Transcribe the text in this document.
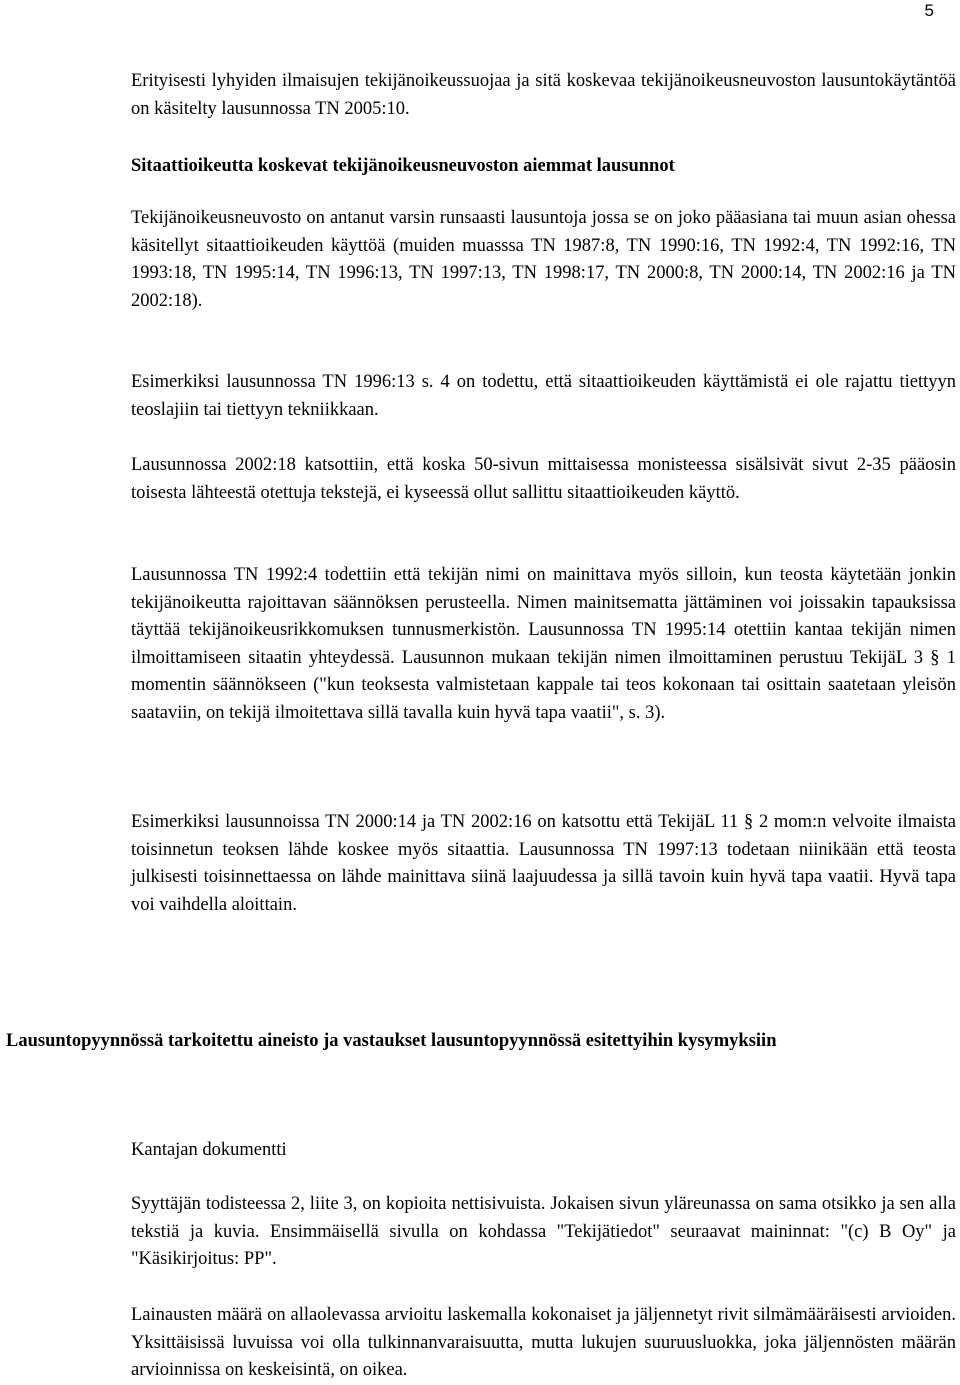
5

Erityisesti lyhyiden ilmaisujen tekijänoikeussuojaa ja sitä koskevaa tekijänoikeusneuvoston lausuntokäytäntöä on käsitelty lausunnossa TN 2005:10.

Sitaattioikeutta koskevat tekijänoikeusneuvoston aiemmat lausunnot

Tekijänoikeusneuvosto on antanut varsin runsaasti lausuntoja jossa se on joko pääasiana tai muun asian ohessa käsitellyt sitaattioikeuden käyttöä (muiden muasssa TN 1987:8, TN 1990:16, TN 1992:4, TN 1992:16, TN 1993:18, TN 1995:14, TN 1996:13, TN 1997:13, TN 1998:17, TN 2000:8, TN 2000:14, TN 2002:16 ja TN 2002:18).

Esimerkiksi lausunnossa TN 1996:13 s. 4 on todettu, että sitaattioikeuden käyttämistä ei ole rajattu tiettyyn teoslajiin tai tiettyyn tekniikkaan.

Lausunnossa 2002:18 katsottiin, että koska 50-sivun mittaisessa monisteessa sisälsivät sivut 2-35 pääosin toisesta lähteestä otettuja tekstejä, ei kyseessä ollut sallittu sitaattioikeuden käyttö.

Lausunnossa TN 1992:4 todettiin että tekijän nimi on mainittava myös silloin, kun teosta käytetään jonkin tekijänoikeutta rajoittavan säännöksen perusteella. Nimen mainitsematta jättäminen voi joissakin tapauksissa täyttää tekijänoikeusrikkomuksen tunnusmerkistön. Lausunnossa TN 1995:14 otettiin kantaa tekijän nimen ilmoittamiseen sitaatin yhteydessä. Lausunnon mukaan tekijän nimen ilmoittaminen perustuu TekijäL 3 § 1 momentin säännökseen ("kun teoksesta valmistetaan kappale tai teos kokonaan tai osittain saatetaan yleisön saataviin, on tekijä ilmoitettava sillä tavalla kuin hyvä tapa vaatii", s. 3).

Esimerkiksi lausunnoissa TN 2000:14 ja TN 2002:16 on katsottu että TekijäL 11 § 2 mom:n velvoite ilmaista toisinnetun teoksen lähde koskee myös sitaattia. Lausunnossa TN 1997:13 todetaan niinikään että teosta julkisesti toisinnettaessa on lähde mainittava siinä laajuudessa ja sillä tavoin kuin hyvä tapa vaatii. Hyvä tapa voi vaihdella aloittain.

Lausuntopyynnössä tarkoitettu aineisto ja vastaukset lausuntopyynnössä esitettyihin kysymyksiin

Kantajan dokumentti

Syyttäjän todisteessa 2, liite 3, on kopioita nettisivuista. Jokaisen sivun yläreunassa on sama otsikko ja sen alla tekstiä ja kuvia. Ensimmäisellä sivulla on kohdassa "Tekijätiedot" seuraavat maininnat: "(c) B Oy" ja "Käsikirjoitus: PP".

Lainausten määrä on allaolevassa arvioitu laskemalla kokonaiset ja jäljennetyt rivit silmämääräisesti arvioiden. Yksittäisissä luvuissa voi olla tulkinnanvaraisuutta, mutta lukujen suuruusluokka, joka jäljennösten määrän arvioinnissa on keskeisintä, on oikea.
